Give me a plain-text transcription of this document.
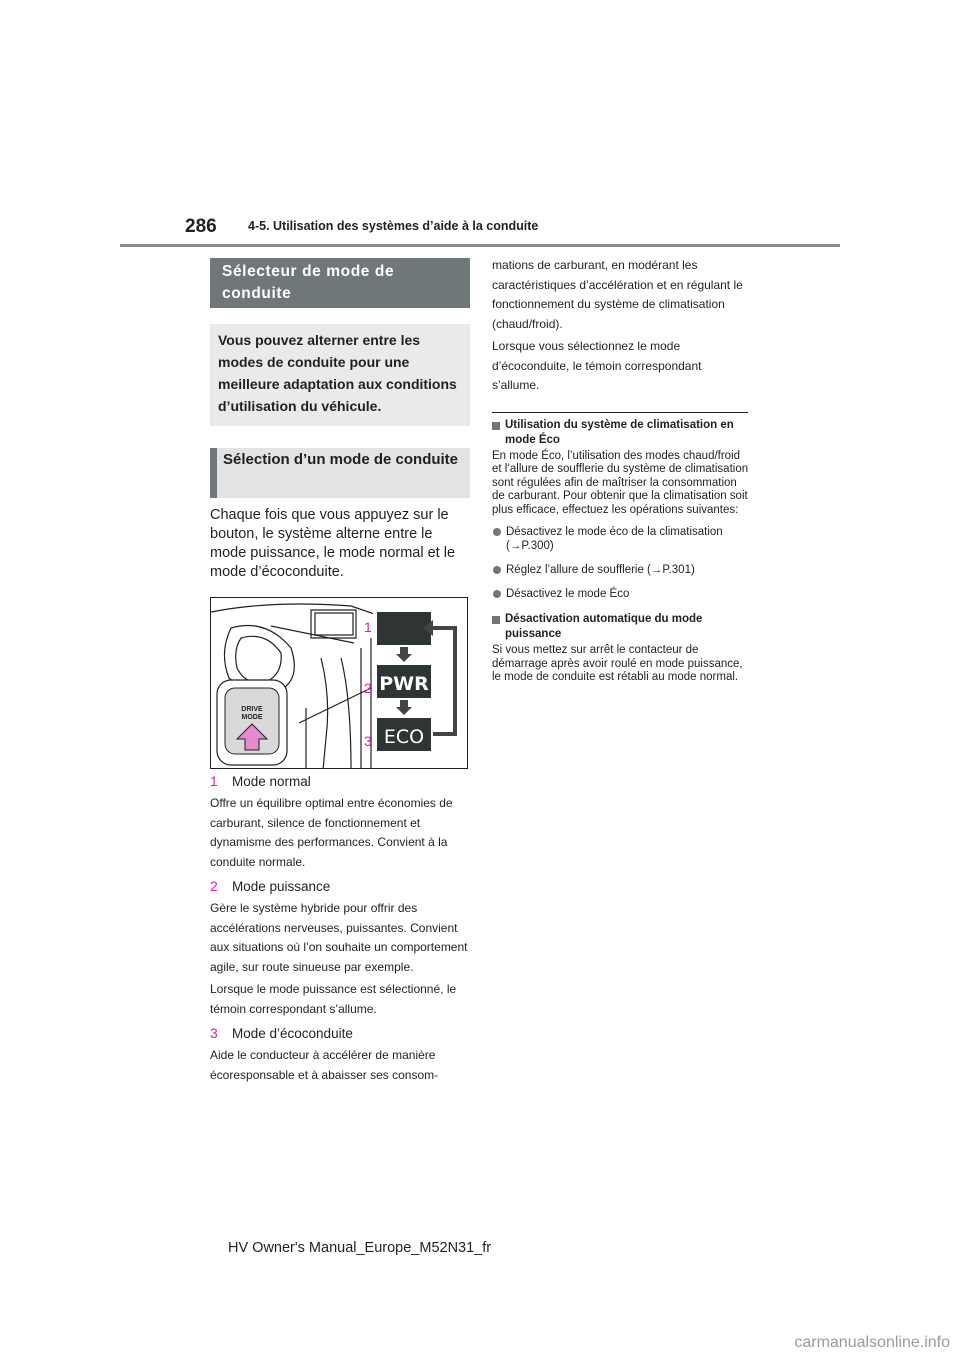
286	4-5. Utilisation des systèmes d’aide à la conduite
Sélecteur de mode de conduite
Vous pouvez alterner entre les modes de conduite pour une meilleure adaptation aux conditions d’utilisation du véhicule.
Sélection d’un mode de conduite

Chaque fois que vous appuyez sur le bouton, le système alterne entre le mode puissance, le mode normal et le mode d’écoconduite.

DRIVE
MODE
1
2
3
PWR
ECO
1	Mode normal

Offre un équilibre optimal entre économies de carburant, silence de fonctionnement et dynamisme des performances. Convient à la conduite normale.

2	Mode puissance

Gère le système hybride pour offrir des accélérations nerveuses, puissantes. Convient aux situations où l’on souhaite un comportement agile, sur route sinueuse par exemple.

Lorsque le mode puissance est sélectionné, le témoin correspondant s’allume.

3	Mode d’écoconduite

Aide le conducteur à accélérer de manière écoresponsable et à abaisser ses consom-

mations de carburant, en modérant les caractéristiques d’accélération et en régulant le fonctionnement du système de climatisation (chaud/froid).

Lorsque vous sélectionnez le mode d’écoconduite, le témoin correspondant s’allume.

Utilisation du système de climatisation en mode Éco

En mode Éco, l’utilisation des modes chaud/froid et l’allure de soufflerie du système de climatisation sont régulées afin de maîtriser la consommation de carburant. Pour obtenir que la climatisation soit plus efficace, effectuez les opérations suivantes:

Désactivez le mode éco de la climatisation (→P.300)
Réglez l’allure de soufflerie (→P.301)
Désactivez le mode Éco
Désactivation automatique du mode puissance

Si vous mettez sur arrêt le contacteur de démarrage après avoir roulé en mode puissance, le mode de conduite est rétabli au mode normal.

HV Owner's Manual_Europe_M52N31_fr
carmanualsonline.info
